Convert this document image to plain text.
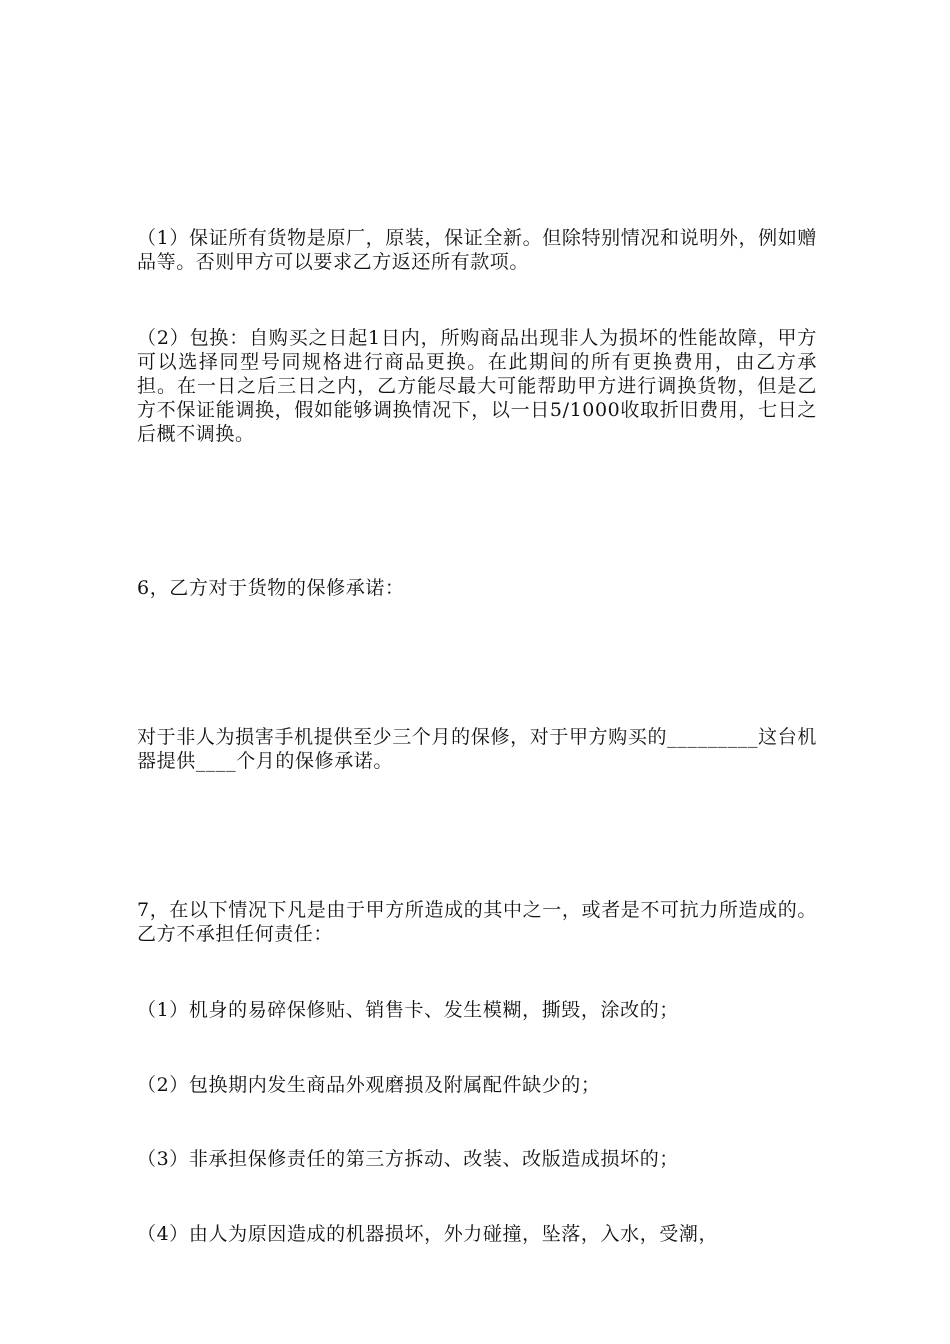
（1）保证所有货物是原厂，原装，保证全新。但除特别情况和说明外，例如赠品等。否则甲方可以要求乙方返还所有款项。
（2）包换：自购买之日起1日内，所购商品出现非人为损坏的性能故障，甲方可以选择同型号同规格进行商品更换。在此期间的所有更换费用，由乙方承担。在一日之后三日之内，乙方能尽最大可能帮助甲方进行调换货物，但是乙方不保证能调换，假如能够调换情况下，以一日5/1000收取折旧费用，七日之后概不调换。
6，乙方对于货物的保修承诺：
对于非人为损害手机提供至少三个月的保修，对于甲方购买的_________这台机器提供____个月的保修承诺。
7，在以下情况下凡是由于甲方所造成的其中之一，或者是不可抗力所造成的。乙方不承担任何责任：
（1）机身的易碎保修贴、销售卡、发生模糊，撕毁，涂改的；
（2）包换期内发生商品外观磨损及附属配件缺少的；
（3）非承担保修责任的第三方拆动、改装、改版造成损坏的；
（4）由人为原因造成的机器损坏，外力碰撞，坠落，入水，受潮，
